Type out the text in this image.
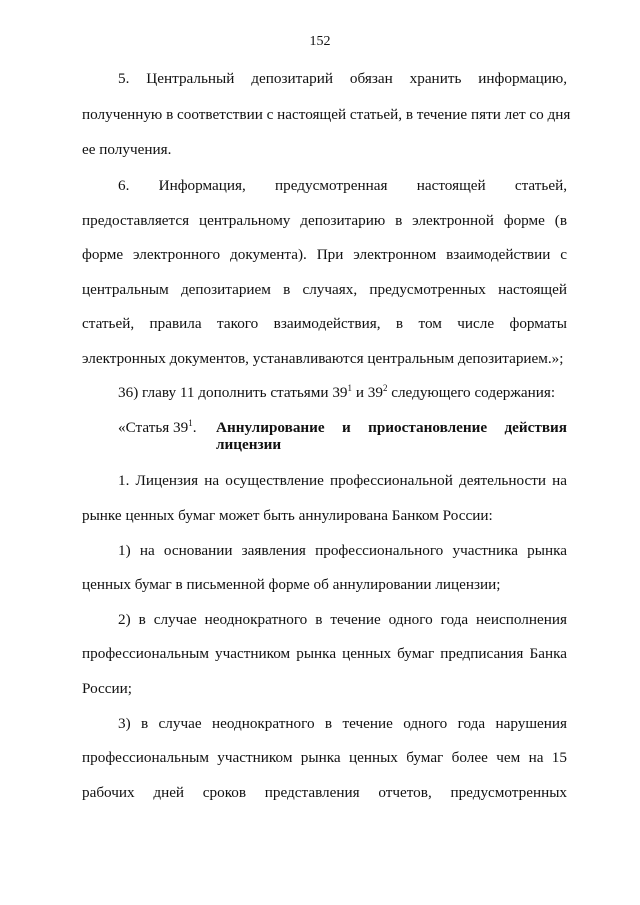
152
5. Центральный депозитарий обязан хранить информацию,
полученную в соответствии с настоящей статьей, в течение пяти лет со дня
ее получения.
6. Информация, предусмотренная настоящей статьей,
предоставляется центральному депозитарию в электронной форме (в
форме электронного документа). При электронном взаимодействии с
центральным депозитарием в случаях, предусмотренных настоящей
статьей, правила такого взаимодействия, в том числе форматы
электронных документов, устанавливаются центральным депозитарием.»;
36) главу 11 дополнить статьями $39^1$ и $39^2$ следующего содержания:
«Статья $39^1$. Аннулирование и приостановление действия
лицензии
1. Лицензия на осуществление профессиональной деятельности на
рынке ценных бумаг может быть аннулирована Банком России:
1) на основании заявления профессионального участника рынка
ценных бумаг в письменной форме об аннулировании лицензии;
2) в случае неоднократного в течение одного года неисполнения
профессиональным участником рынка ценных бумаг предписания Банка
России;
3) в случае неоднократного в течение одного года нарушения
профессиональным участником рынка ценных бумаг более чем на 15
рабочих дней сроков представления отчетов, предусмотренных
